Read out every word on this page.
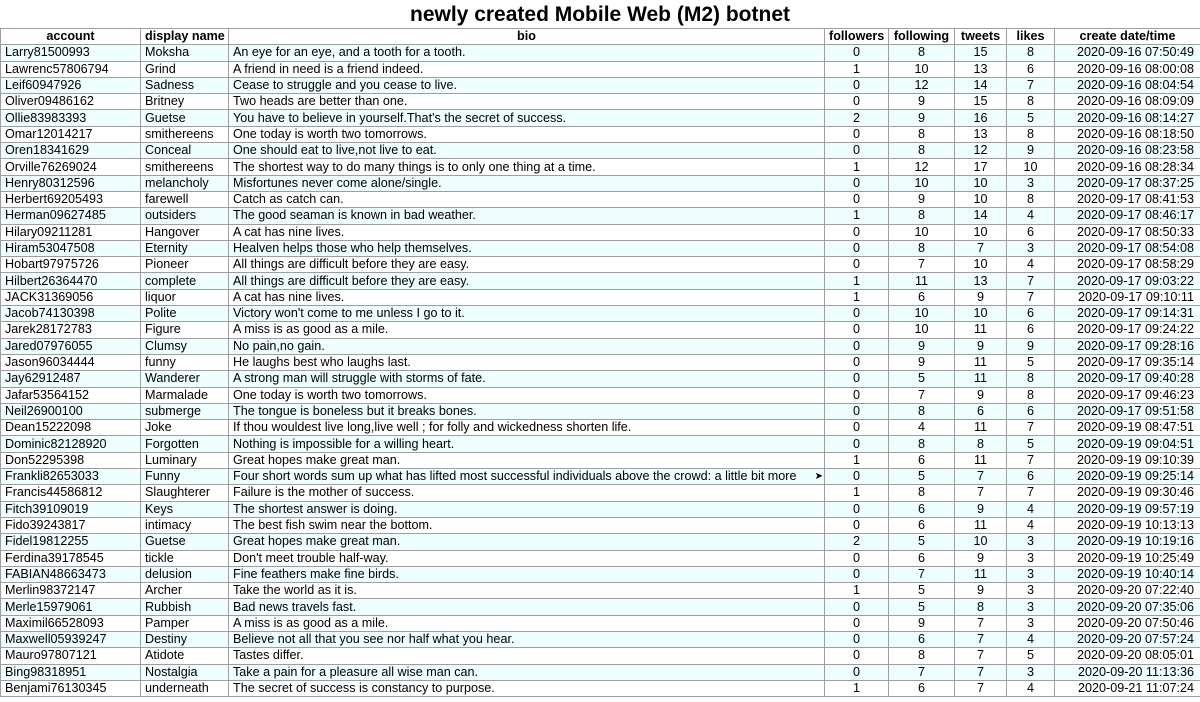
newly created Mobile Web (M2) botnet
account	display name	bio	followers	following	tweets	likes	create date/time
Larry81500993	Moksha	An eye for an eye, and a tooth for a tooth.	0	8	15	8	2020-09-16 07:50:49
Lawrenc57806794	Grind	A friend in need is a friend indeed.	1	10	13	6	2020-09-16 08:00:08
Leif60947926	Sadness	Cease to struggle and you cease to live.	0	12	14	7	2020-09-16 08:04:54
Oliver09486162	Britney	Two heads are better than one.	0	9	15	8	2020-09-16 08:09:09
Ollie83983393	Guetse	You have to believe in yourself.That's the secret of success.	2	9	16	5	2020-09-16 08:14:27
Omar12014217	smithereens	One today is worth two tomorrows.	0	8	13	8	2020-09-16 08:18:50
Oren18341629	Conceal	One should eat to live,not live to eat.	0	8	12	9	2020-09-16 08:23:58
Orville76269024	smithereens	The shortest way to do many things is to only one thing at a time.	1	12	17	10	2020-09-16 08:28:34
Henry80312596	melancholy	Misfortunes never come alone/single.	0	10	10	3	2020-09-17 08:37:25
Herbert69205493	farewell	Catch as catch can.	0	9	10	8	2020-09-17 08:41:53
Herman09627485	outsiders	The good seaman is known in bad weather.	1	8	14	4	2020-09-17 08:46:17
Hilary09211281	Hangover	A cat has nine lives.	0	10	10	6	2020-09-17 08:50:33
Hiram53047508	Eternity	Healven helps those who help themselves.	0	8	7	3	2020-09-17 08:54:08
Hobart97975726	Pioneer	All things are difficult before they are easy.	0	7	10	4	2020-09-17 08:58:29
Hilbert26364470	complete	All things are difficult before they are easy.	1	11	13	7	2020-09-17 09:03:22
JACK31369056	liquor	A cat has nine lives.	1	6	9	7	2020-09-17 09:10:11
Jacob74130398	Polite	Victory won't come to me unless I go to it.	0	10	10	6	2020-09-17 09:14:31
Jarek28172783	Figure	A miss is as good as a mile.	0	10	11	6	2020-09-17 09:24:22
Jared07976055	Clumsy	No pain,no gain.	0	9	9	9	2020-09-17 09:28:16
Jason96034444	funny	He laughs best who laughs last.	0	9	11	5	2020-09-17 09:35:14
Jay62912487	Wanderer	A strong man will struggle with storms of fate.	0	5	11	8	2020-09-17 09:40:28
Jafar53564152	Marmalade	One today is worth two tomorrows.	0	7	9	8	2020-09-17 09:46:23
Neil26900100	submerge	The tongue is boneless but it breaks bones.	0	8	6	6	2020-09-17 09:51:58
Dean15222098	Joke	If thou wouldest live long,live well ; for folly and wickedness shorten life.	0	4	11	7	2020-09-19 08:47:51
Dominic82128920	Forgotten	Nothing is impossible for a willing heart.	0	8	8	5	2020-09-19 09:04:51
Don52295398	Luminary	Great hopes make great man.	1	6	11	7	2020-09-19 09:10:39
Frankli82653033	Funny	Four short words sum up what has lifted most successful individuals above the crowd: a little bit more ➤	0	5	7	6	2020-09-19 09:25:14
Francis44586812	Slaughterer	Failure is the mother of success.	1	8	7	7	2020-09-19 09:30:46
Fitch39109019	Keys	The shortest answer is doing.	0	6	9	4	2020-09-19 09:57:19
Fido39243817	intimacy	The best fish swim near the bottom.	0	6	11	4	2020-09-19 10:13:13
Fidel19812255	Guetse	Great hopes make great man.	2	5	10	3	2020-09-19 10:19:16
Ferdina39178545	tickle	Don't meet trouble half-way.	0	6	9	3	2020-09-19 10:25:49
FABIAN48663473	delusion	Fine feathers make fine birds.	0	7	11	3	2020-09-19 10:40:14
Merlin98372147	Archer	Take the world as it is.	1	5	9	3	2020-09-20 07:22:40
Merle15979061	Rubbish	Bad news travels fast.	0	5	8	3	2020-09-20 07:35:06
Maximil66528093	Pamper	A miss is as good as a mile.	0	9	7	3	2020-09-20 07:50:46
Maxwell05939247	Destiny	Believe not all that you see nor half what you hear.	0	6	7	4	2020-09-20 07:57:24
Mauro97807121	Atidote	Tastes differ.	0	8	7	5	2020-09-20 08:05:01
Bing98318951	Nostalgia	Take a pain for a pleasure all wise man can.	0	7	7	3	2020-09-20 11:13:36
Benjami76130345	underneath	The secret of success is constancy to purpose.	1	6	7	4	2020-09-21 11:07:24
